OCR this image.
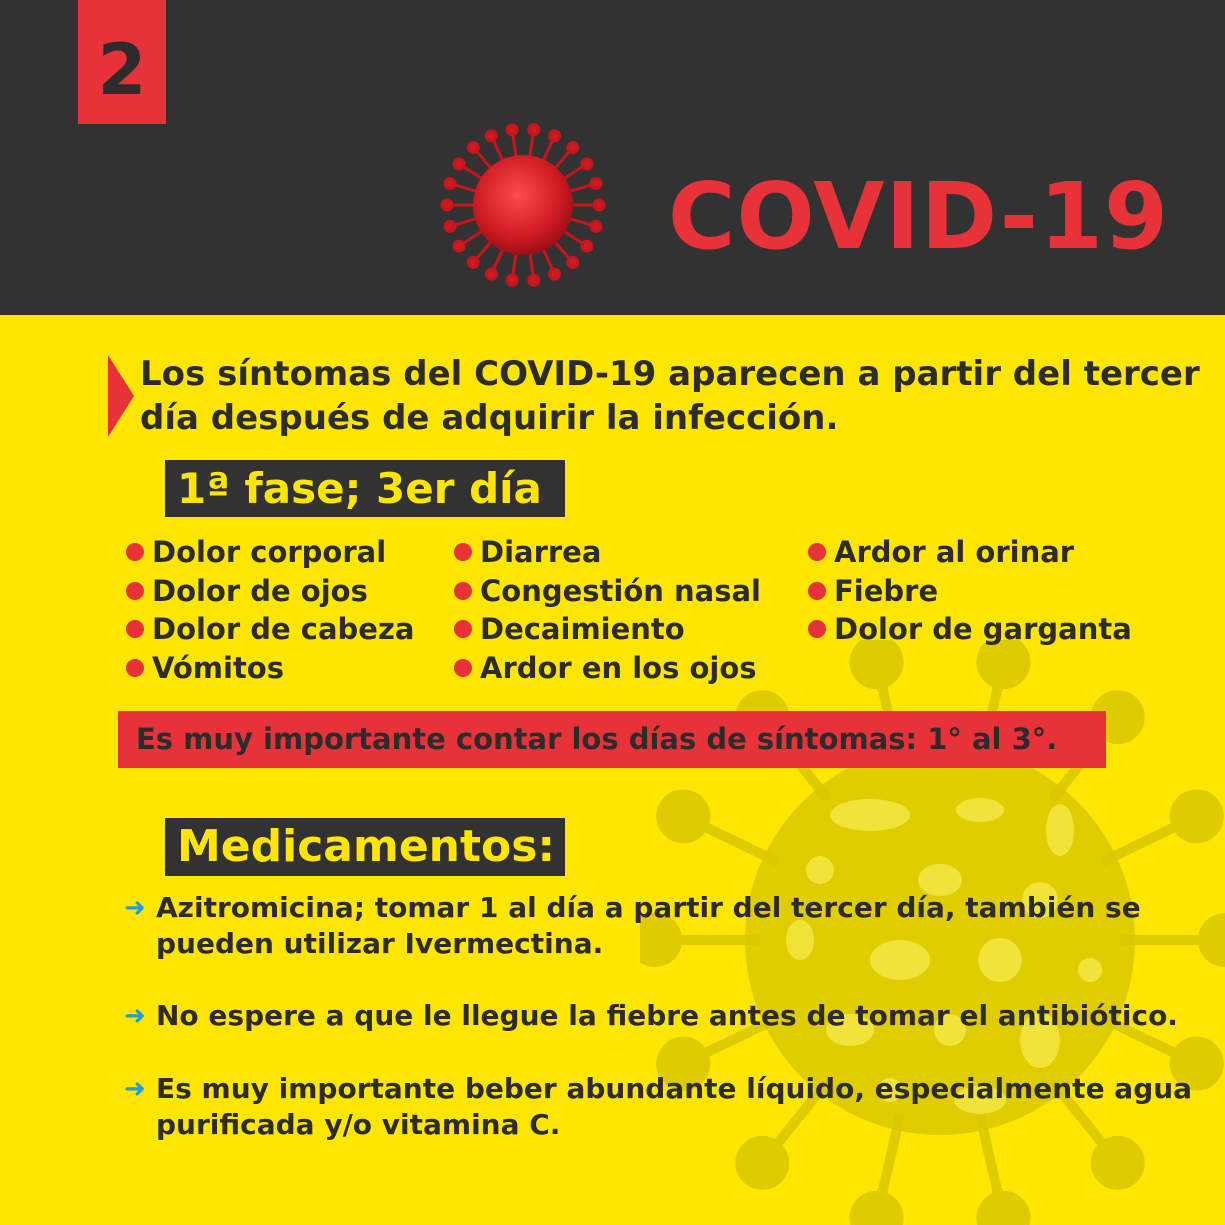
2
COVID-19
Los síntomas del COVID-19 aparecen a partir del tercer día después de adquirir la infección.
1ª fase; 3er día
Dolor corporal
Dolor de ojos
Dolor de cabeza
Vómitos
Diarrea
Congestión nasal
Decaimiento
Ardor en los ojos
Ardor al orinar
Fiebre
Dolor de garganta
Es muy importante contar los días de síntomas: 1° al 3°.
Medicamentos:
➜ Azitromicina; tomar 1 al día a partir del tercer día, también se pueden utilizar Ivermectina.
➜ No espere a que le llegue la fiebre antes de tomar el antibiótico.
➜ Es muy importante beber abundante líquido, especialmente agua purificada y/o vitamina C.
